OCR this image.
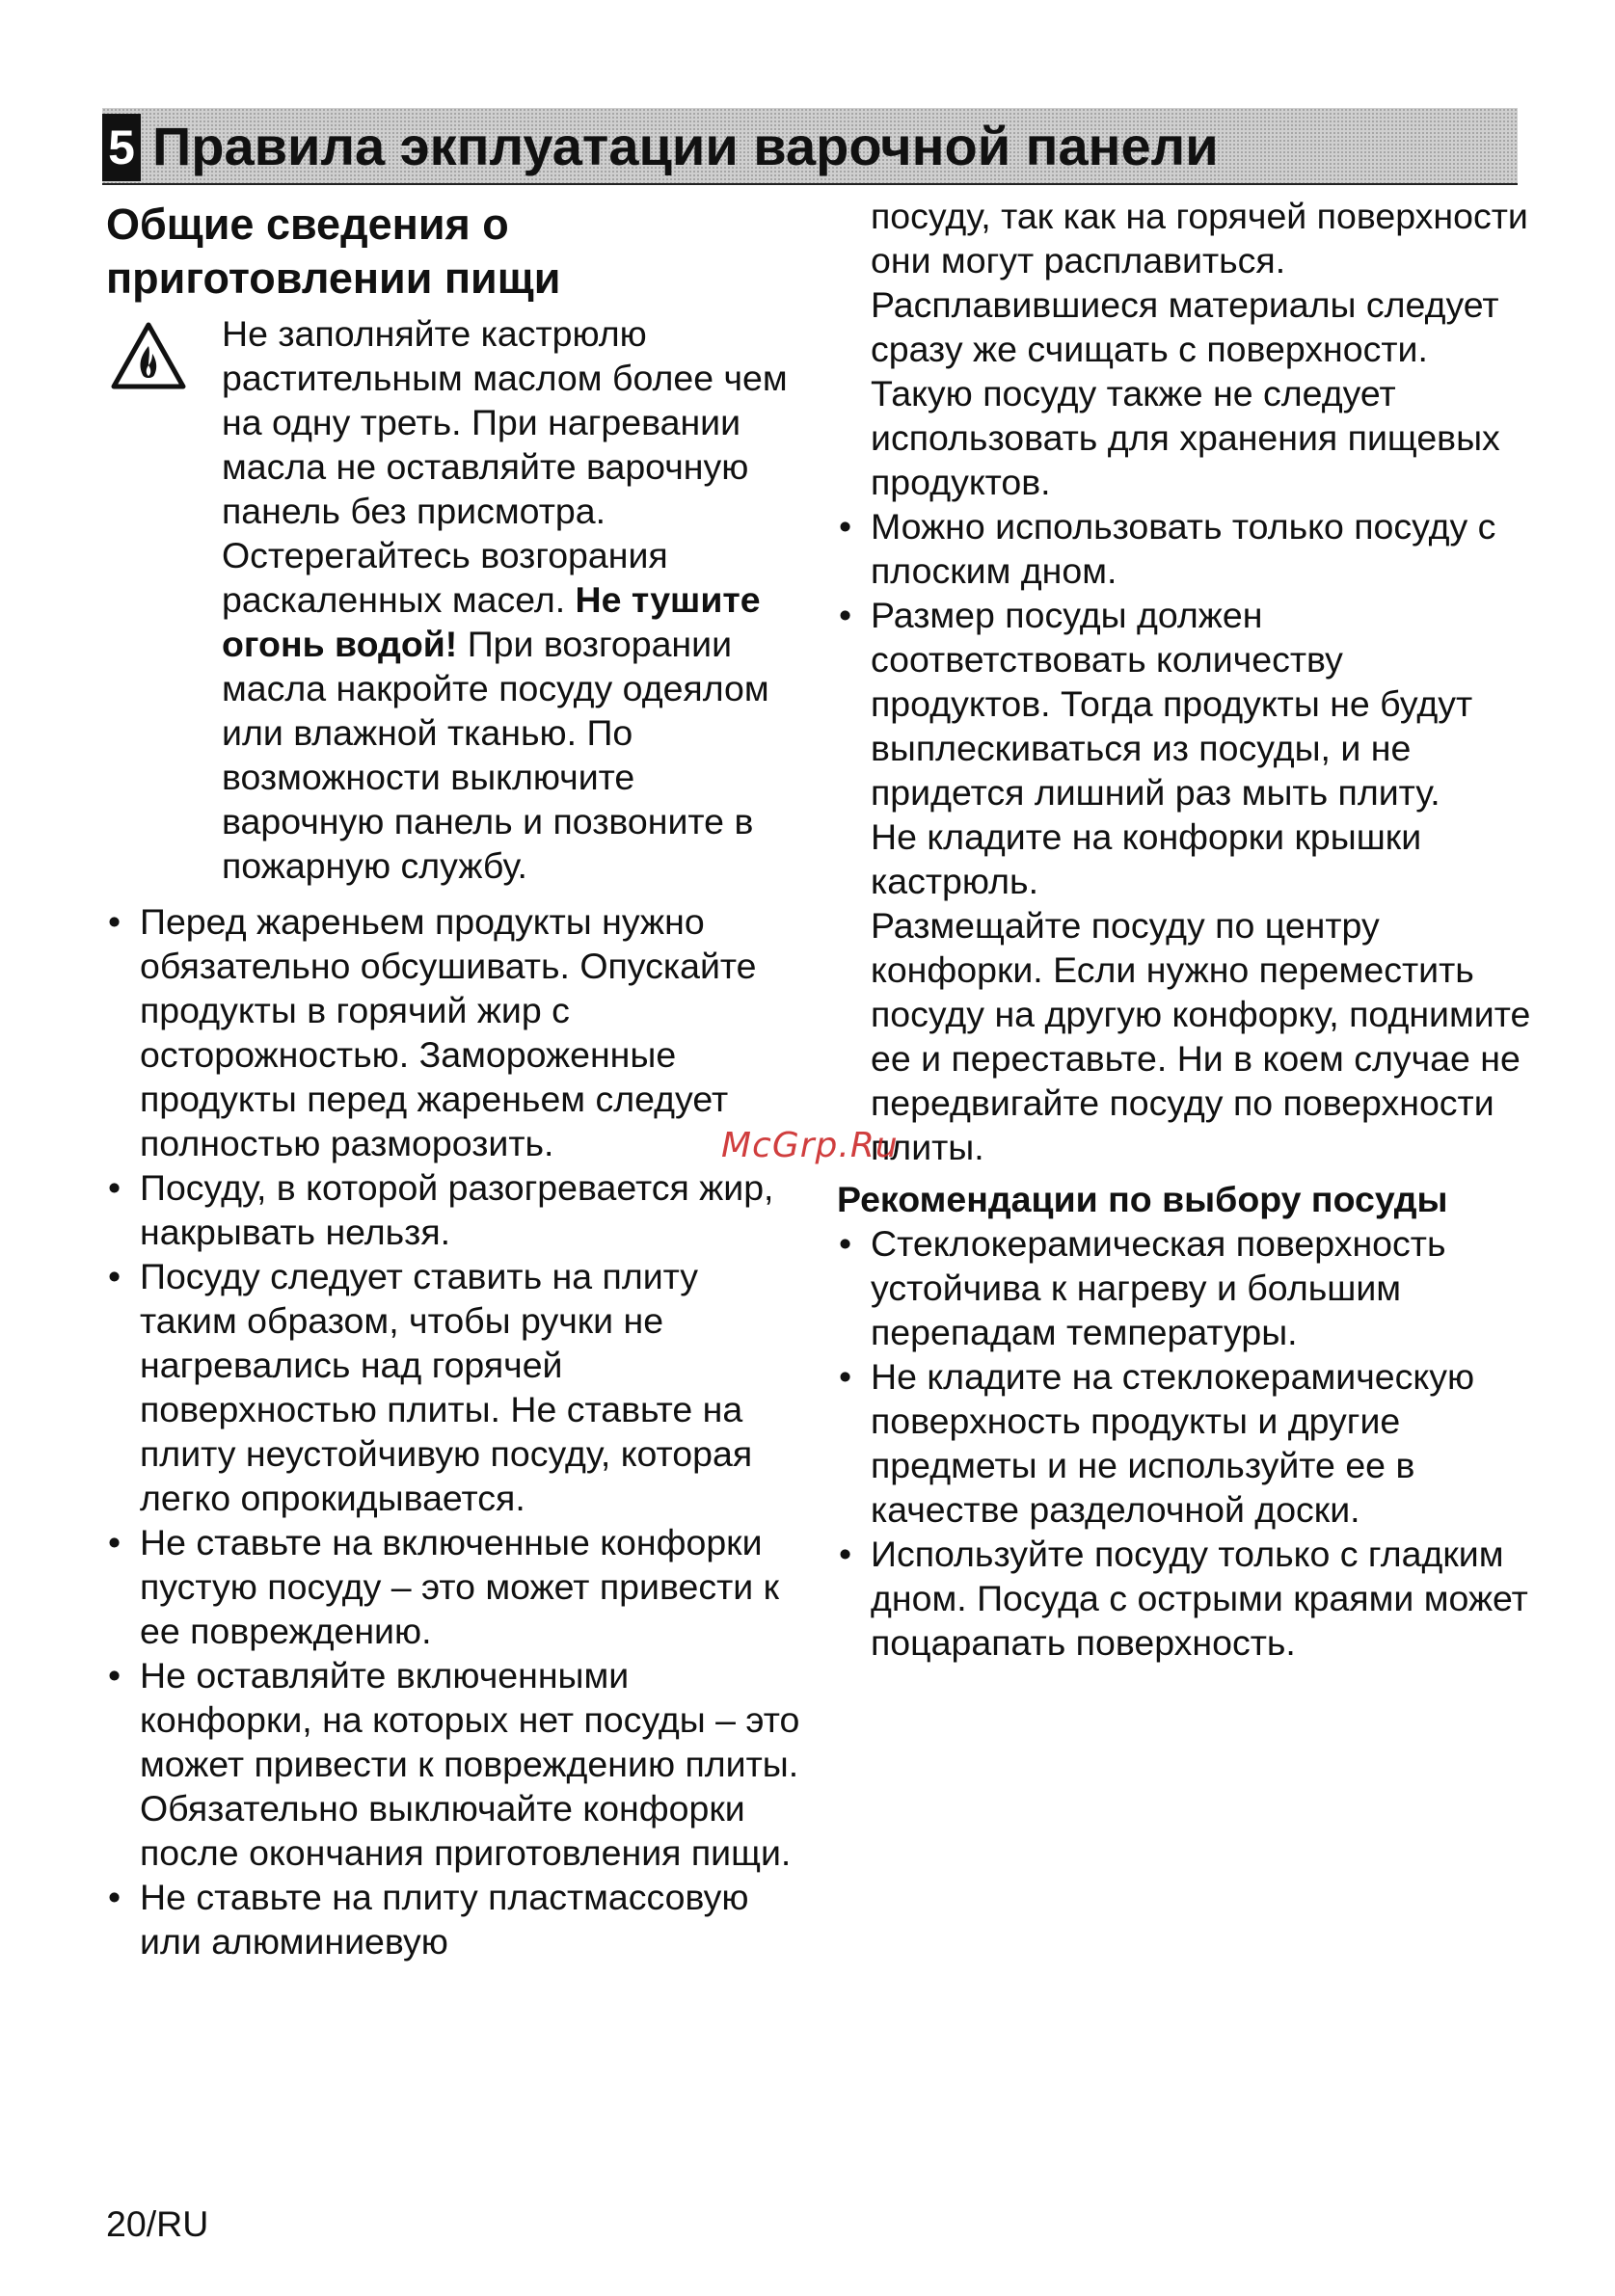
5 Правила экплуатации варочной панели
Общие сведения о приготовлении пищи
Не заполняйте кастрюлю растительным маслом более чем на одну треть. При нагревании масла не оставляйте варочную панель без присмотра. Остерегайтесь возгорания раскаленных масел. Не тушите огонь водой! При возгорании масла накройте посуду одеялом или влажной тканью. По возможности выключите варочную панель и позвоните в пожарную службу.
• Перед жареньем продукты нужно обязательно обсушивать. Опускайте продукты в горячий жир с осторожностью. Замороженные продукты перед жареньем следует полностью разморозить.
• Посуду, в которой разогревается жир, накрывать нельзя.
• Посуду следует ставить на плиту таким образом, чтобы ручки не нагревались над горячей поверхностью плиты. Не ставьте на плиту неустойчивую посуду, которая легко опрокидывается.
• Не ставьте на включенные конфорки пустую посуду – это может привести к ее повреждению.
• Не оставляйте включенными конфорки, на которых нет посуды – это может привести к повреждению плиты. Обязательно выключайте конфорки после окончания приготовления пищи.
• Не ставьте на плиту пластмассовую или алюминиевую
посуду, так как на горячей поверхности они могут расплавиться.
Расплавившиеся материалы следует сразу же счищать с поверхности.
Такую посуду также не следует использовать для хранения пищевых продуктов.
• Можно использовать только посуду с плоским дном.
• Размер посуды должен соответствовать количеству продуктов. Тогда продукты не будут выплескиваться из посуды, и не придется лишний раз мыть плиту.
Не кладите на конфорки крышки кастрюль.
Размещайте посуду по центру конфорки. Если нужно переместить посуду на другую конфорку, поднимите ее и переставьте. Ни в коем случае не передвигайте посуду по поверхности плиты.
Рекомендации по выбору посуды
• Стеклокерамическая поверхность устойчива к нагреву и большим перепадам температуры.
• Не кладите на стеклокерамическую поверхность продукты и другие предметы и не используйте ее в качестве разделочной доски.
• Используйте посуду только с гладким дном. Посуда с острыми краями может поцарапать поверхность.
McGrp.Ru
20/RU
